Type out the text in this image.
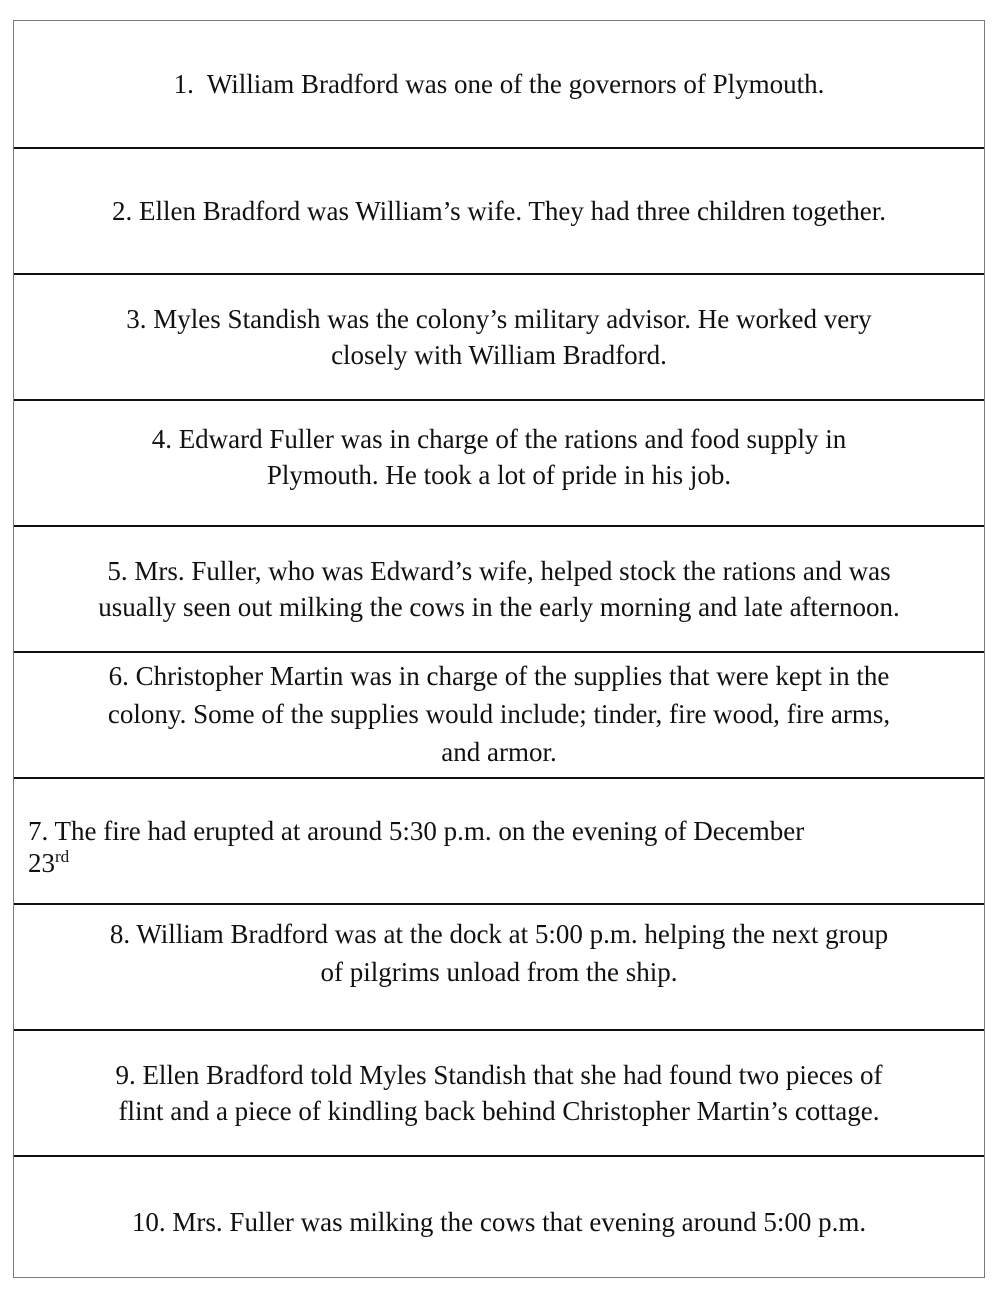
1. William Bradford was one of the governors of Plymouth.
2. Ellen Bradford was William’s wife. They had three children together.
3. Myles Standish was the colony’s military advisor. He worked very
closely with William Bradford.
4. Edward Fuller was in charge of the rations and food supply in
Plymouth. He took a lot of pride in his job.
5. Mrs. Fuller, who was Edward’s wife, helped stock the rations and was
usually seen out milking the cows in the early morning and late afternoon.
6. Christopher Martin was in charge of the supplies that were kept in the
colony. Some of the supplies would include; tinder, fire wood, fire arms,
and armor.
7. The fire had erupted at around 5:30 p.m. on the evening of December
23rd
8. William Bradford was at the dock at 5:00 p.m. helping the next group
of pilgrims unload from the ship.
9. Ellen Bradford told Myles Standish that she had found two pieces of
flint and a piece of kindling back behind Christopher Martin’s cottage.
10. Mrs. Fuller was milking the cows that evening around 5:00 p.m.
